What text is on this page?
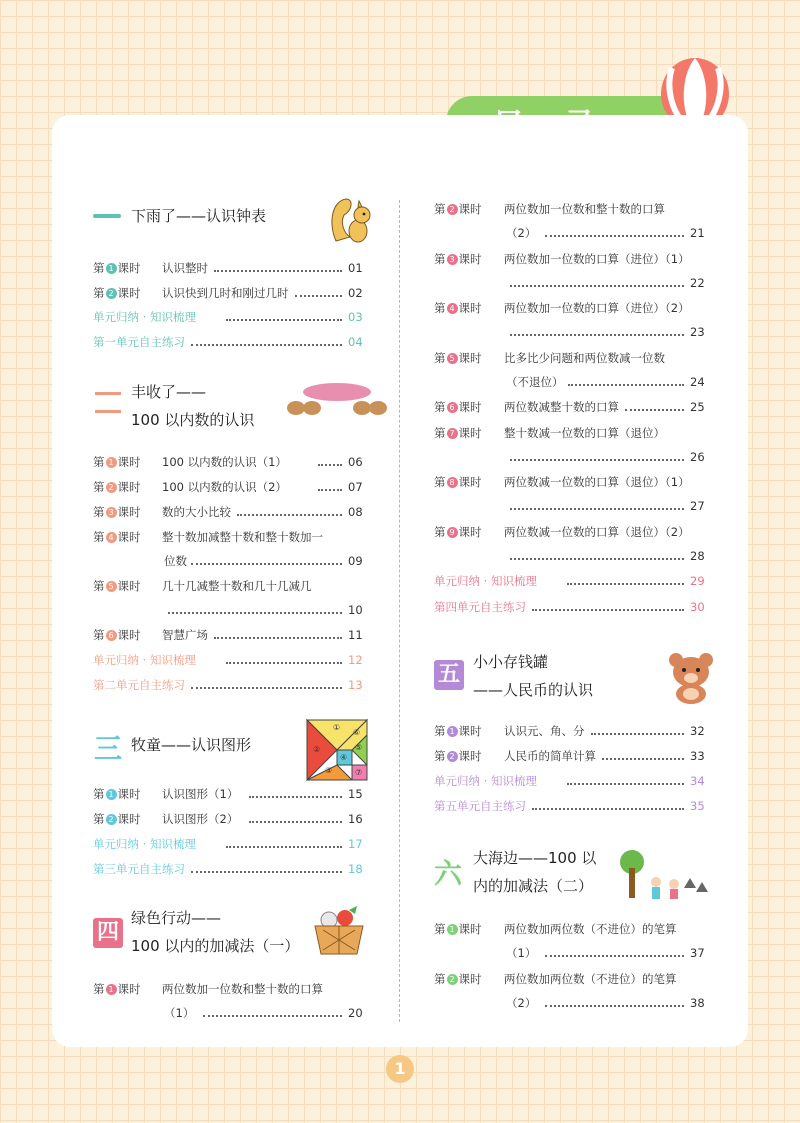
下雨了——认识钟表
丰收了——
100 以内数的认识
三 牧童——认识图形
①
②
③
④
⑤
⑥
⑦
四
绿色行动——
100 以内的加减法（一）
五 小小存钱罐
——人民币的认识
六 大海边——100 以
内的加减法（二）
第 1 课时 认识整时	01
第 2 课时 认识快到几时和刚过几时	02
单元归纳 · 知识梳理	03
第一单元自主练习	04
第 1 课时 100 以内数的认识（1）	06
第 2 课时 100 以内数的认识（2）	07
第 3 课时 数的大小比较	08
第 4 课时 整十数加减整十数和整十数加一
位数	09
第 5 课时 几十几减整十数和几十几减几
10
第 6 课时 智慧广场	11
单元归纳 · 知识梳理	12
第二单元自主练习	13
第 1 课时 认识图形（1）	15
第 2 课时 认识图形（2）	16
单元归纳 · 知识梳理	17
第三单元自主练习	18
第 1 课时 两位数加一位数和整十数的口算
（1）	20
第 2 课时 两位数加一位数和整十数的口算
（2）	21
第 3 课时 两位数加一位数的口算（进位）（1）
22
第 4 课时 两位数加一位数的口算（进位）（2）
23
第 5 课时 比多比少问题和两位数减一位数
（不退位）	24
第 6 课时 两位数减整十数的口算	25
第 7 课时 整十数减一位数的口算（退位）
26
第 8 课时 两位数减一位数的口算（退位）（1）
27
第 9 课时 两位数减一位数的口算（退位）（2）
28
单元归纳 · 知识梳理	29
第四单元自主练习	30
第 1 课时 认识元、角、分	32
第 2 课时 人民币的简单计算	33
单元归纳 · 知识梳理	34
第五单元自主练习	35
第 1 课时 两位数加两位数（不进位）的笔算
（1）	37
第 2 课时 两位数加两位数（不进位）的笔算
（2）	38
1
